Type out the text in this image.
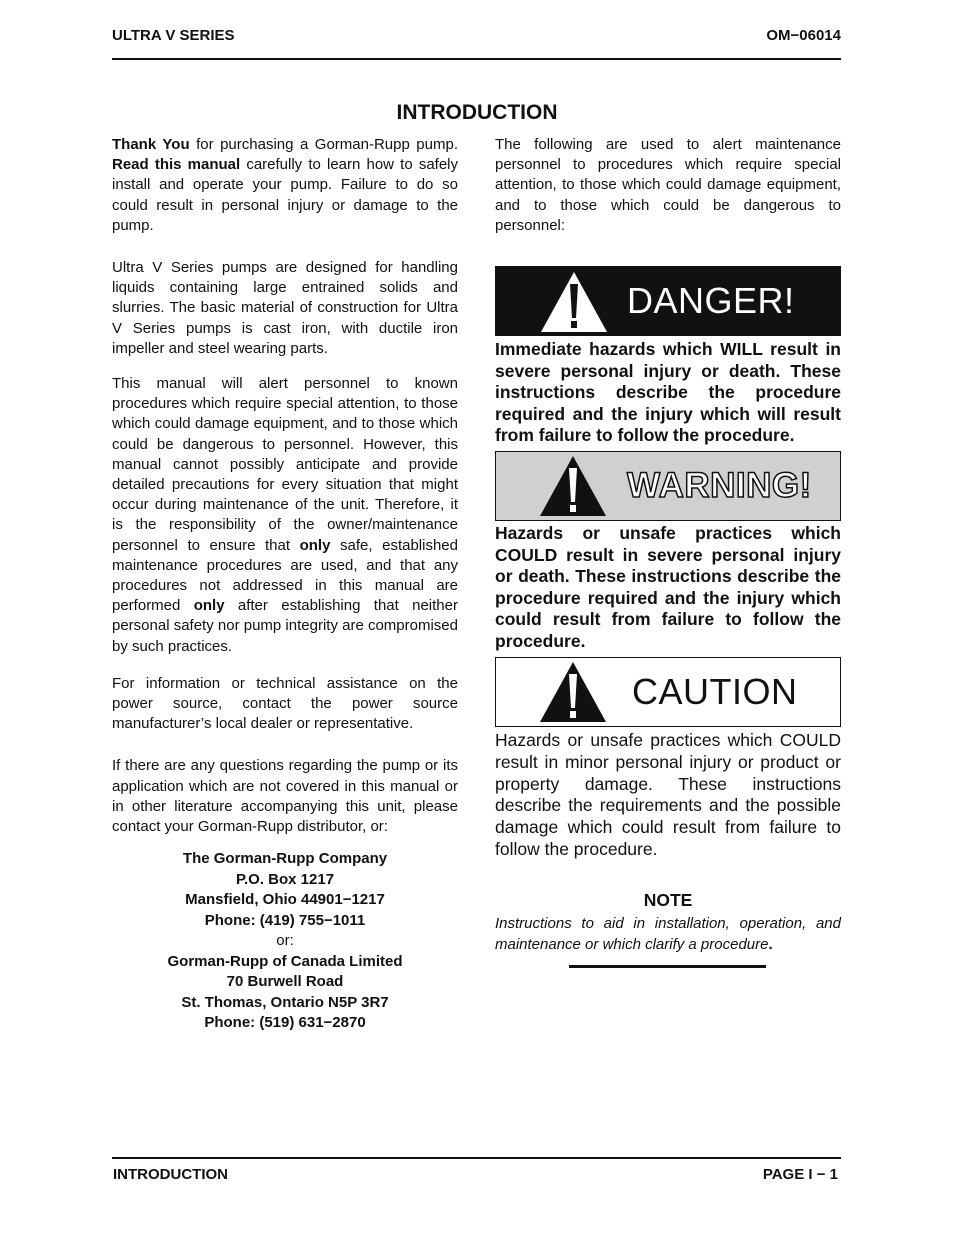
ULTRA V SERIES	OM−06014
INTRODUCTION

Thank You for purchasing a Gorman-Rupp pump. Read this manual carefully to learn how to safely install and operate your pump. Failure to do so could result in personal injury or damage to the pump.

Ultra V Series pumps are designed for handling liquids containing large entrained solids and slurries. The basic material of construction for Ultra V Series pumps is cast iron, with ductile iron impeller and steel wearing parts.

This manual will alert personnel to known procedures which require special attention, to those which could damage equipment, and to those which could be dangerous to personnel. However, this manual cannot possibly anticipate and provide detailed precautions for every situation that might occur during maintenance of the unit. Therefore, it is the responsibility of the owner/maintenance personnel to ensure that only safe, established maintenance procedures are used, and that any procedures not addressed in this manual are performed only after establishing that neither personal safety nor pump integrity are compromised by such practices.

For information or technical assistance on the power source, contact the power source manufacturer’s local dealer or representative.

If there are any questions regarding the pump or its application which are not covered in this manual or in other literature accompanying this unit, please contact your Gorman-Rupp distributor, or:

The Gorman-Rupp Company
P.O. Box 1217
Mansfield, Ohio 44901−1217
Phone: (419) 755−1011
or:
Gorman-Rupp of Canada Limited
70 Burwell Road
St. Thomas, Ontario N5P 3R7
Phone: (519) 631−2870
The following are used to alert maintenance personnel to procedures which require special attention, to those which could damage equipment, and to those which could be dangerous to personnel:
DANGER!
Immediate hazards which WILL result in severe personal injury or death. These instructions describe the procedure required and the injury which will result from failure to follow the procedure.
WARNING!
Hazards or unsafe practices which COULD result in severe personal injury or death. These instructions describe the procedure required and the injury which could result from failure to follow the procedure.
CAUTION
Hazards or unsafe practices which COULD result in minor personal injury or product or property damage. These instructions describe the requirements and the possible damage which could result from failure to follow the procedure.
NOTE
Instructions to aid in installation, operation, and maintenance or which clarify a procedure.
INTRODUCTION	PAGE I − 1
